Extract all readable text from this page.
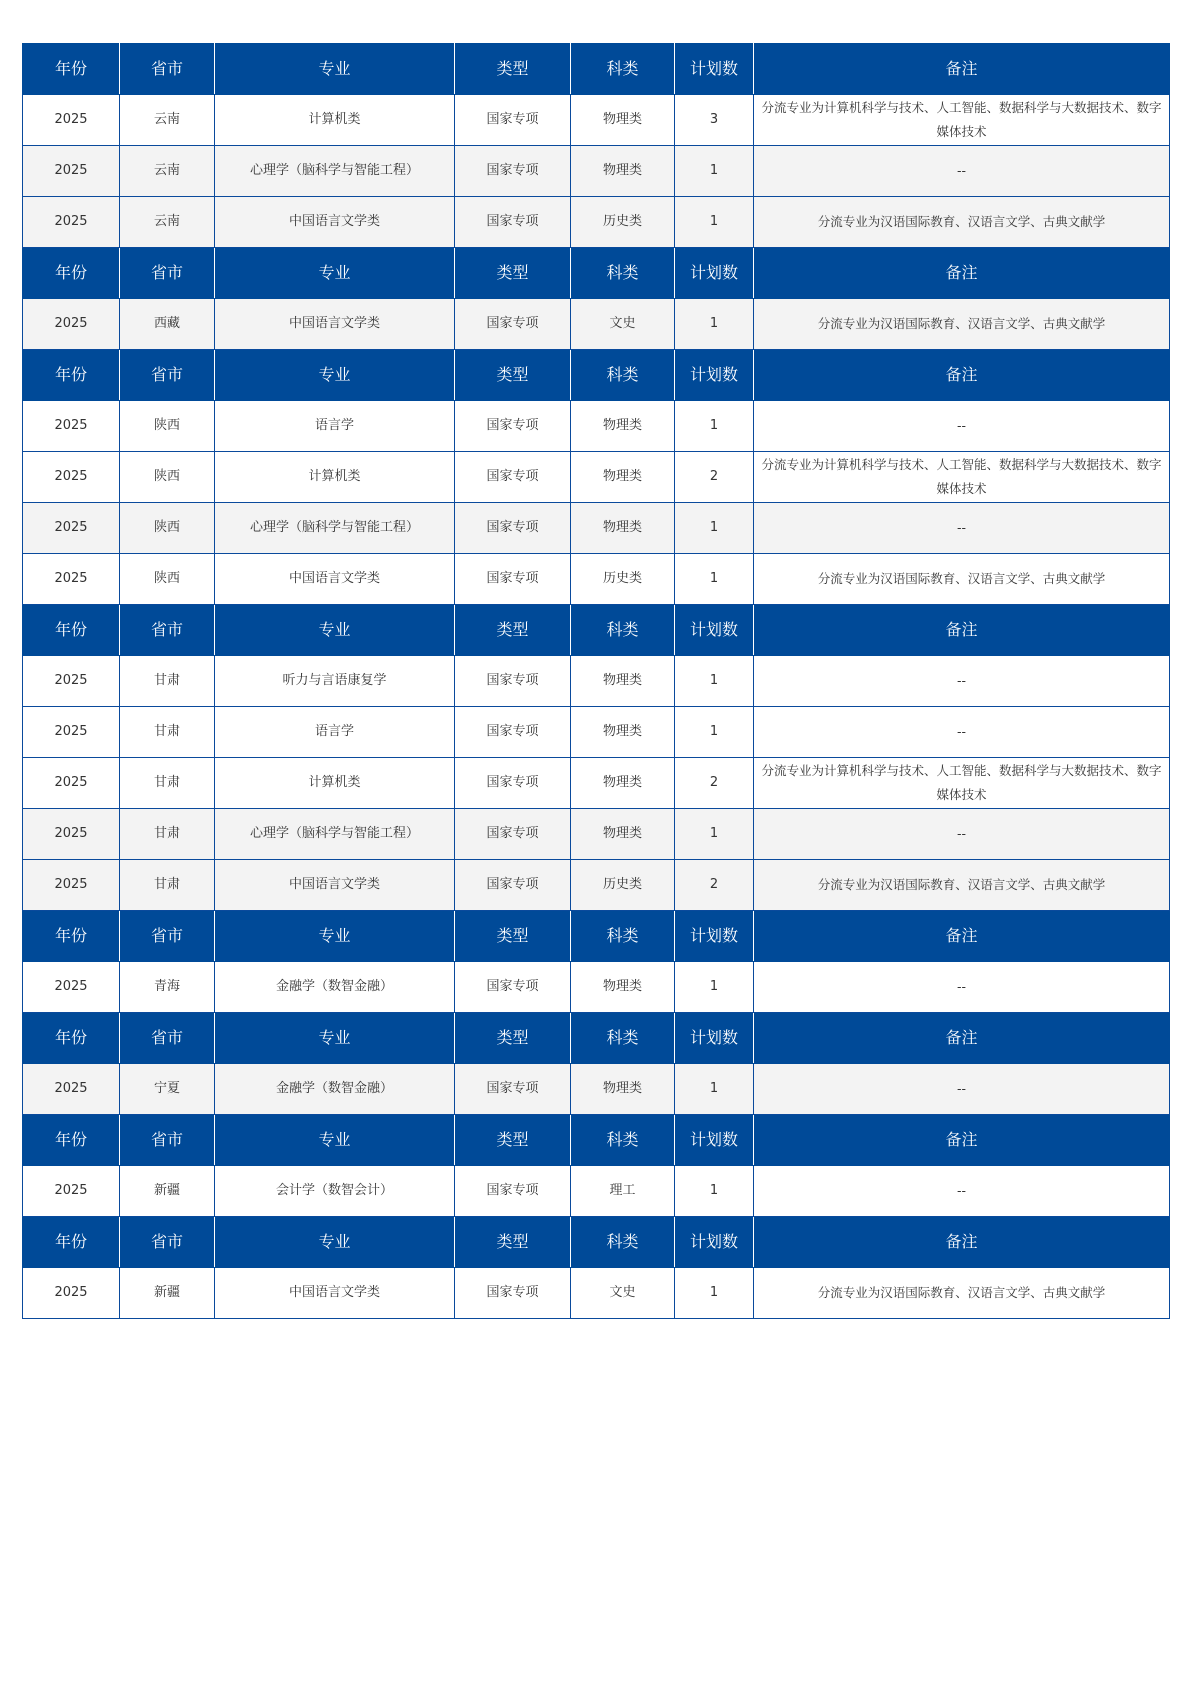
年份	省市	专业	类型	科类	计划数	备注
2025	云南	计算机类	国家专项	物理类	3	分流专业为计算机科学与技术、人工智能、数据科学与大数据技术、数字媒体技术
2025	云南	心理学（脑科学与智能工程）	国家专项	物理类	1	--
2025	云南	中国语言文学类	国家专项	历史类	1	分流专业为汉语国际教育、汉语言文学、古典文献学
年份	省市	专业	类型	科类	计划数	备注
2025	西藏	中国语言文学类	国家专项	文史	1	分流专业为汉语国际教育、汉语言文学、古典文献学
年份	省市	专业	类型	科类	计划数	备注
2025	陕西	语言学	国家专项	物理类	1	--
2025	陕西	计算机类	国家专项	物理类	2	分流专业为计算机科学与技术、人工智能、数据科学与大数据技术、数字媒体技术
2025	陕西	心理学（脑科学与智能工程）	国家专项	物理类	1	--
2025	陕西	中国语言文学类	国家专项	历史类	1	分流专业为汉语国际教育、汉语言文学、古典文献学
年份	省市	专业	类型	科类	计划数	备注
2025	甘肃	听力与言语康复学	国家专项	物理类	1	--
2025	甘肃	语言学	国家专项	物理类	1	--
2025	甘肃	计算机类	国家专项	物理类	2	分流专业为计算机科学与技术、人工智能、数据科学与大数据技术、数字媒体技术
2025	甘肃	心理学（脑科学与智能工程）	国家专项	物理类	1	--
2025	甘肃	中国语言文学类	国家专项	历史类	2	分流专业为汉语国际教育、汉语言文学、古典文献学
年份	省市	专业	类型	科类	计划数	备注
2025	青海	金融学（数智金融）	国家专项	物理类	1	--
年份	省市	专业	类型	科类	计划数	备注
2025	宁夏	金融学（数智金融）	国家专项	物理类	1	--
年份	省市	专业	类型	科类	计划数	备注
2025	新疆	会计学（数智会计）	国家专项	理工	1	--
年份	省市	专业	类型	科类	计划数	备注
2025	新疆	中国语言文学类	国家专项	文史	1	分流专业为汉语国际教育、汉语言文学、古典文献学
